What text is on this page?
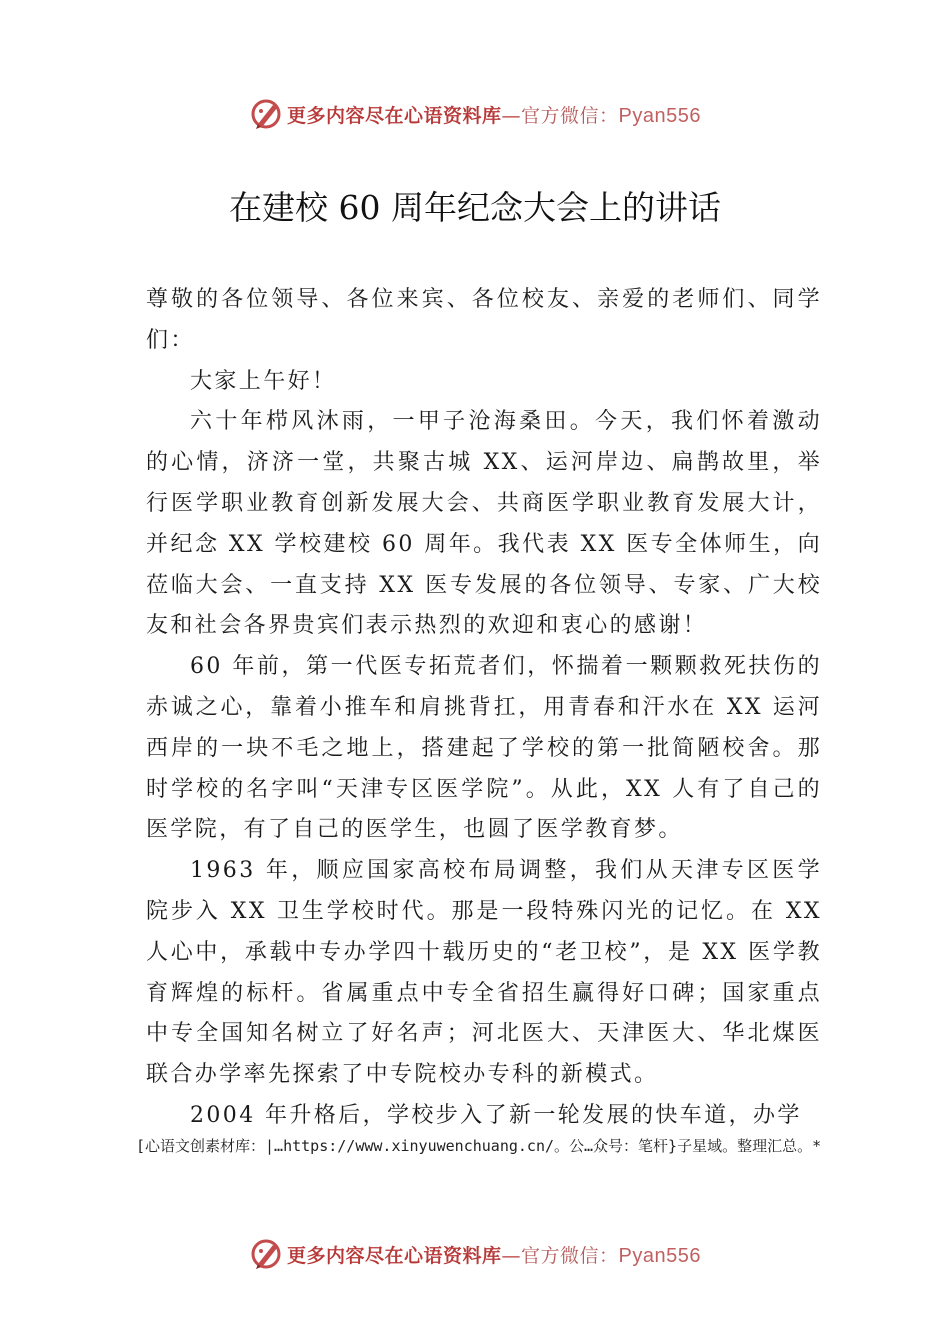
更多内容尽在心语资料库—官方微信：Pyan556
在建校 60 周年纪念大会上的讲话

尊敬的各位领导、各位来宾、各位校友、亲爱的老师们、同学们：

大家上午好！

六十年栉风沐雨，一甲子沧海桑田。今天，我们怀着激动的心情，济济一堂，共聚古城 XX、运河岸边、扁鹊故里，举行医学职业教育创新发展大会、共商医学职业教育发展大计，并纪念 XX 学校建校 60 周年。我代表 XX 医专全体师生，向莅临大会、一直支持 XX 医专发展的各位领导、专家、广大校友和社会各界贵宾们表示热烈的欢迎和衷心的感谢！

60 年前，第一代医专拓荒者们，怀揣着一颗颗救死扶伤的赤诚之心，靠着小推车和肩挑背扛，用青春和汗水在 XX 运河西岸的一块不毛之地上，搭建起了学校的第一批简陋校舍。那时学校的名字叫“天津专区医学院”。从此，XX 人有了自己的医学院，有了自己的医学生，也圆了医学教育梦。

1963 年，顺应国家高校布局调整，我们从天津专区医学院步入 XX 卫生学校时代。那是一段特殊闪光的记忆。在 XX 人心中，承载中专办学四十载历史的“老卫校”，是 XX 医学教育辉煌的标杆。省属重点中专全省招生赢得好口碑；国家重点中专全国知名树立了好名声；河北医大、天津医大、华北煤医联合办学率先探索了中专院校办专科的新模式。

2004 年升格后，学校步入了新一轮发展的快车道，办学

[心语文创素材库：|…https://www.xinyuwenchuang.cn/。公…众号：笔杆}子星域。整理汇总。*
更多内容尽在心语资料库—官方微信：Pyan556
